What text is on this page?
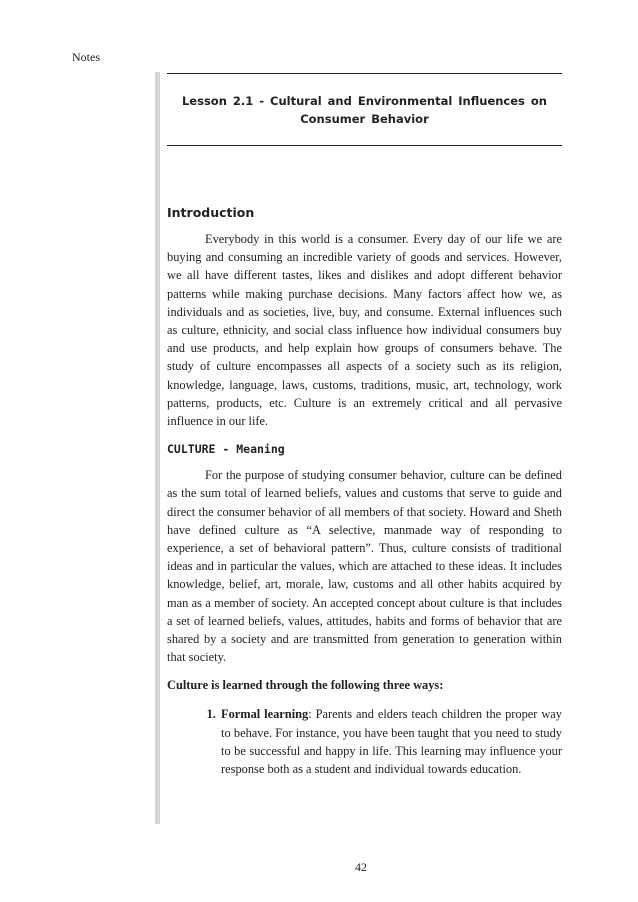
Notes
Lesson 2.1 - Cultural and Environmental Influences on
Consumer Behavior
Introduction

Everybody in this world is a consumer. Every day of our life we are buying and consuming an incredible variety of goods and services. However, we all have different tastes, likes and dislikes and adopt different behavior patterns while making purchase decisions. Many factors affect how we, as individuals and as societies, live, buy, and consume. External influences such as culture, ethnicity, and social class influence how individual consumers buy and use products, and help explain how groups of consumers behave. The study of culture encompasses all aspects of a society such as its religion, knowledge, language, laws, customs, traditions, music, art, technology, work patterns, products, etc. Culture is an extremely critical and all pervasive influence in our life.

CULTURE - Meaning

For the purpose of studying consumer behavior, culture can be defined as the sum total of learned beliefs, values and customs that serve to guide and direct the consumer behavior of all members of that society. Howard and Sheth have defined culture as “A selective, manmade way of responding to experience, a set of behavioral pattern”. Thus, culture consists of traditional ideas and in particular the values, which are attached to these ideas. It includes knowledge, belief, art, morale, law, customs and all other habits acquired by man as a member of society. An accepted concept about culture is that includes a set of learned beliefs, values, attitudes, habits and forms of behavior that are shared by a society and are transmitted from generation to generation within that society.

Culture is learned through the following three ways:
1. Formal learning: Parents and elders teach children the proper way to behave. For instance, you have been taught that you need to study to be successful and happy in life. This learning may influence your response both as a student and individual towards education.
42
